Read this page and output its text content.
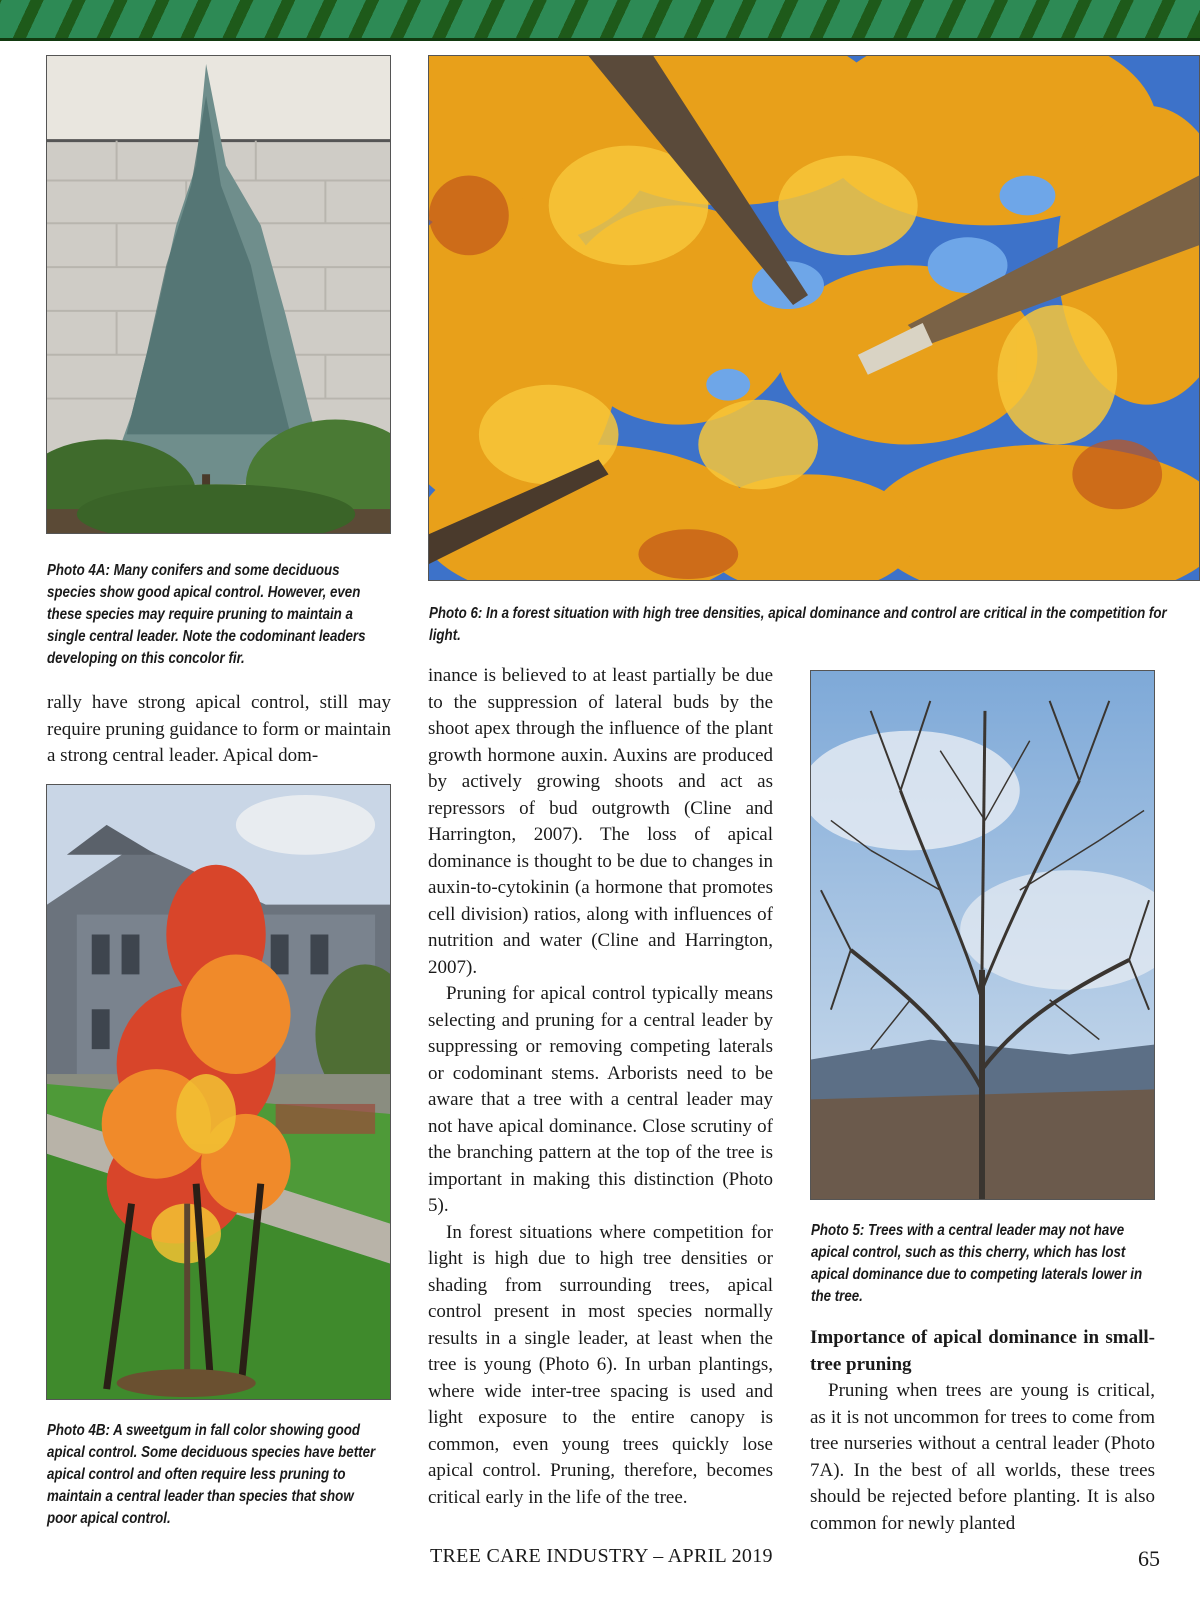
Photo 4A: Many conifers and some deciduous species show good apical control. However, even these species may require pruning to maintain a single central leader. Note the codominant leaders developing on this concolor fir.
Photo 6: In a forest situation with high tree densities, apical dominance and control are critical in the competition for light.

rally have strong apical control, still may require pruning guidance to form or maintain a strong central leader. Apical dom-

Photo 4B: A sweetgum in fall color showing good apical control. Some deciduous species have better apical control and often require less pruning to maintain a central leader than species that show poor apical control.

inance is believed to at least partially be due to the suppression of lateral buds by the shoot apex through the influence of the plant growth hormone auxin. Auxins are produced by actively growing shoots and act as repressors of bud outgrowth (Cline and Harrington, 2007). The loss of apical dominance is thought to be due to changes in auxin-to-cytokinin (a hormone that promotes cell division) ratios, along with influences of nutrition and water (Cline and Harrington, 2007).

Pruning for apical control typically means selecting and pruning for a central leader by suppressing or removing competing laterals or codominant stems. Arborists need to be aware that a tree with a central leader may not have apical dominance. Close scrutiny of the branching pattern at the top of the tree is important in making this distinction (Photo 5).

In forest situations where competition for light is high due to high tree densities or shading from surrounding trees, apical control present in most species normally results in a single leader, at least when the tree is young (Photo 6). In urban plantings, where wide inter-tree spacing is used and light exposure to the entire canopy is common, even young trees quickly lose apical control. Pruning, therefore, becomes critical early in the life of the tree.

Photo 5: Trees with a central leader may not have apical control, such as this cherry, which has lost apical dominance due to competing laterals lower in the tree.
Importance of apical dominance in small-tree pruning

Pruning when trees are young is critical, as it is not uncommon for trees to come from tree nurseries without a central leader (Photo 7A). In the best of all worlds, these trees should be rejected before planting. It is also common for newly planted

TREE CARE INDUSTRY – APRIL 2019	65
